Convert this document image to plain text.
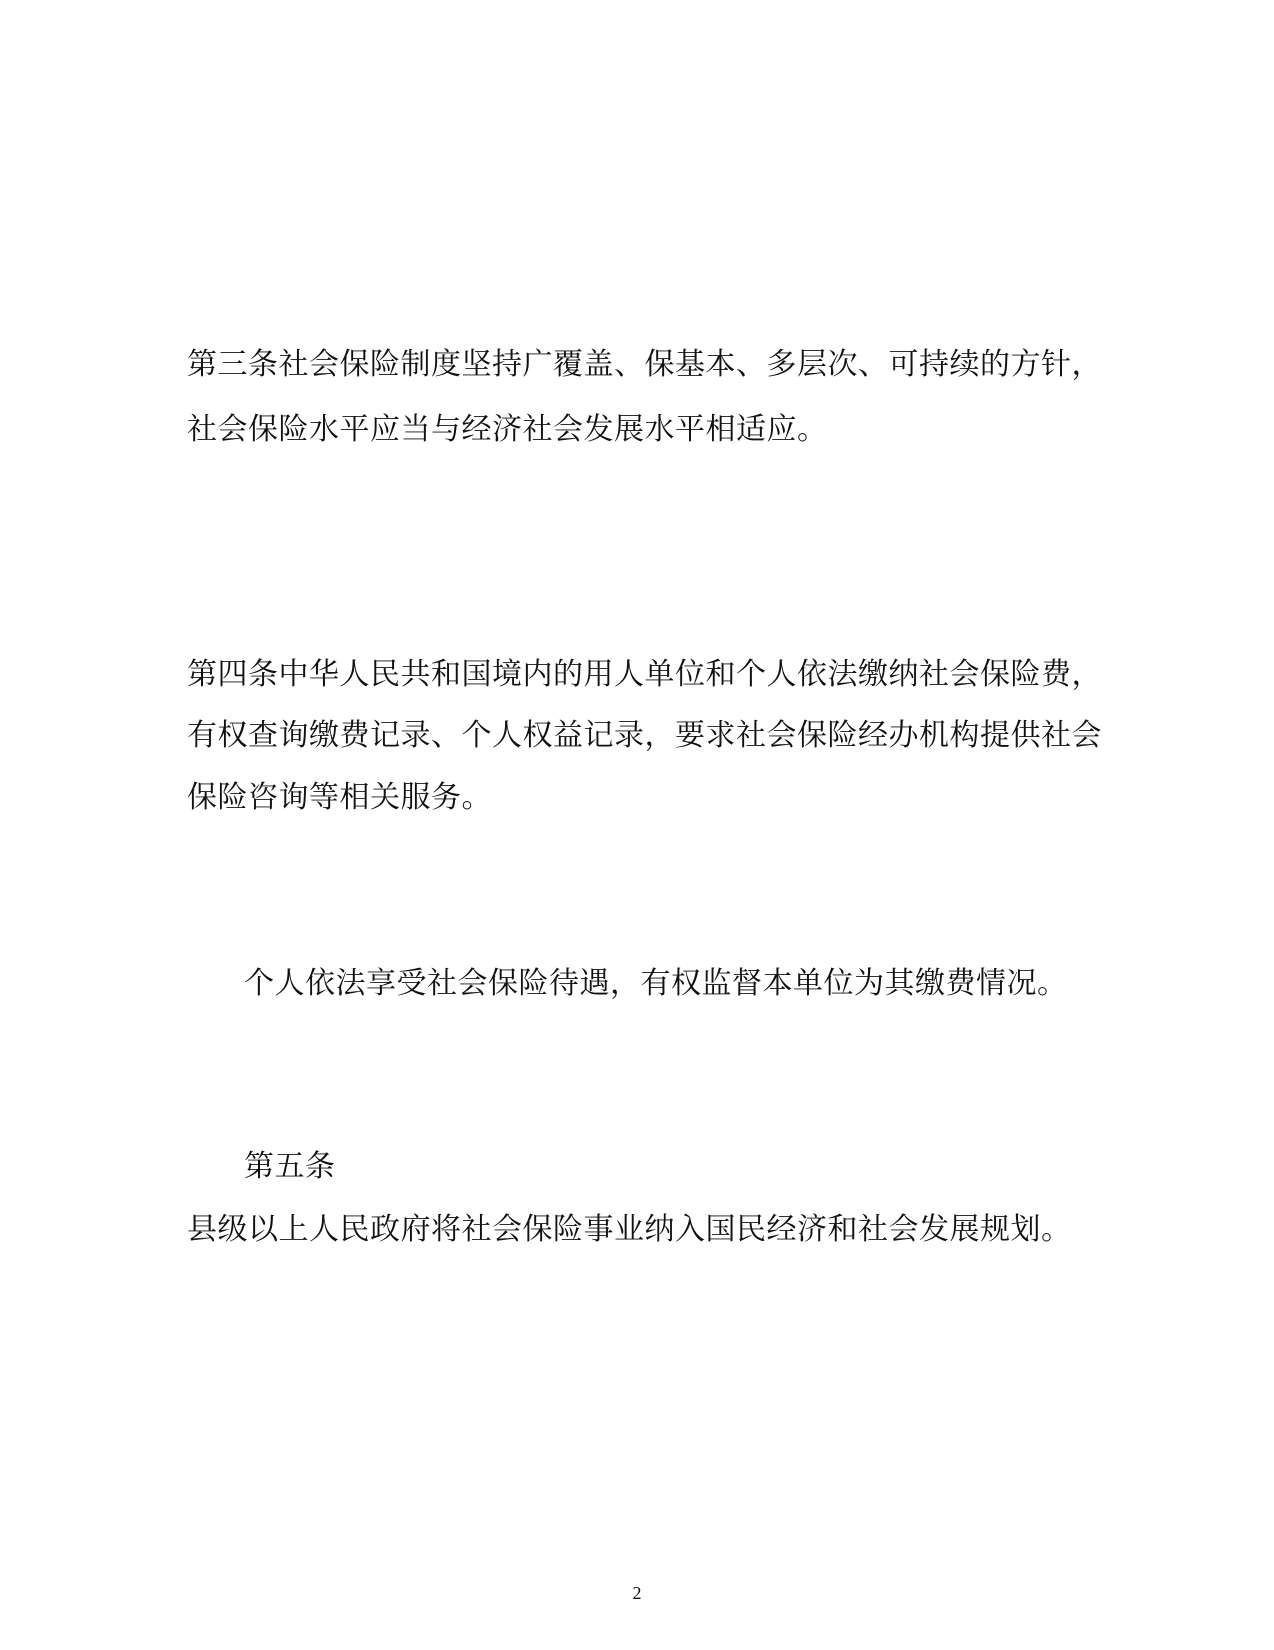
第三条社会保险制度坚持广覆盖、保基本、多层次、可持续的方针，
社会保险水平应当与经济社会发展水平相适应。
第四条中华人民共和国境内的用人单位和个人依法缴纳社会保险费，
有权查询缴费记录、个人权益记录，要求社会保险经办机构提供社会
保险咨询等相关服务。
个人依法享受社会保险待遇，有权监督本单位为其缴费情况。
第五条
县级以上人民政府将社会保险事业纳入国民经济和社会发展规划。
2
